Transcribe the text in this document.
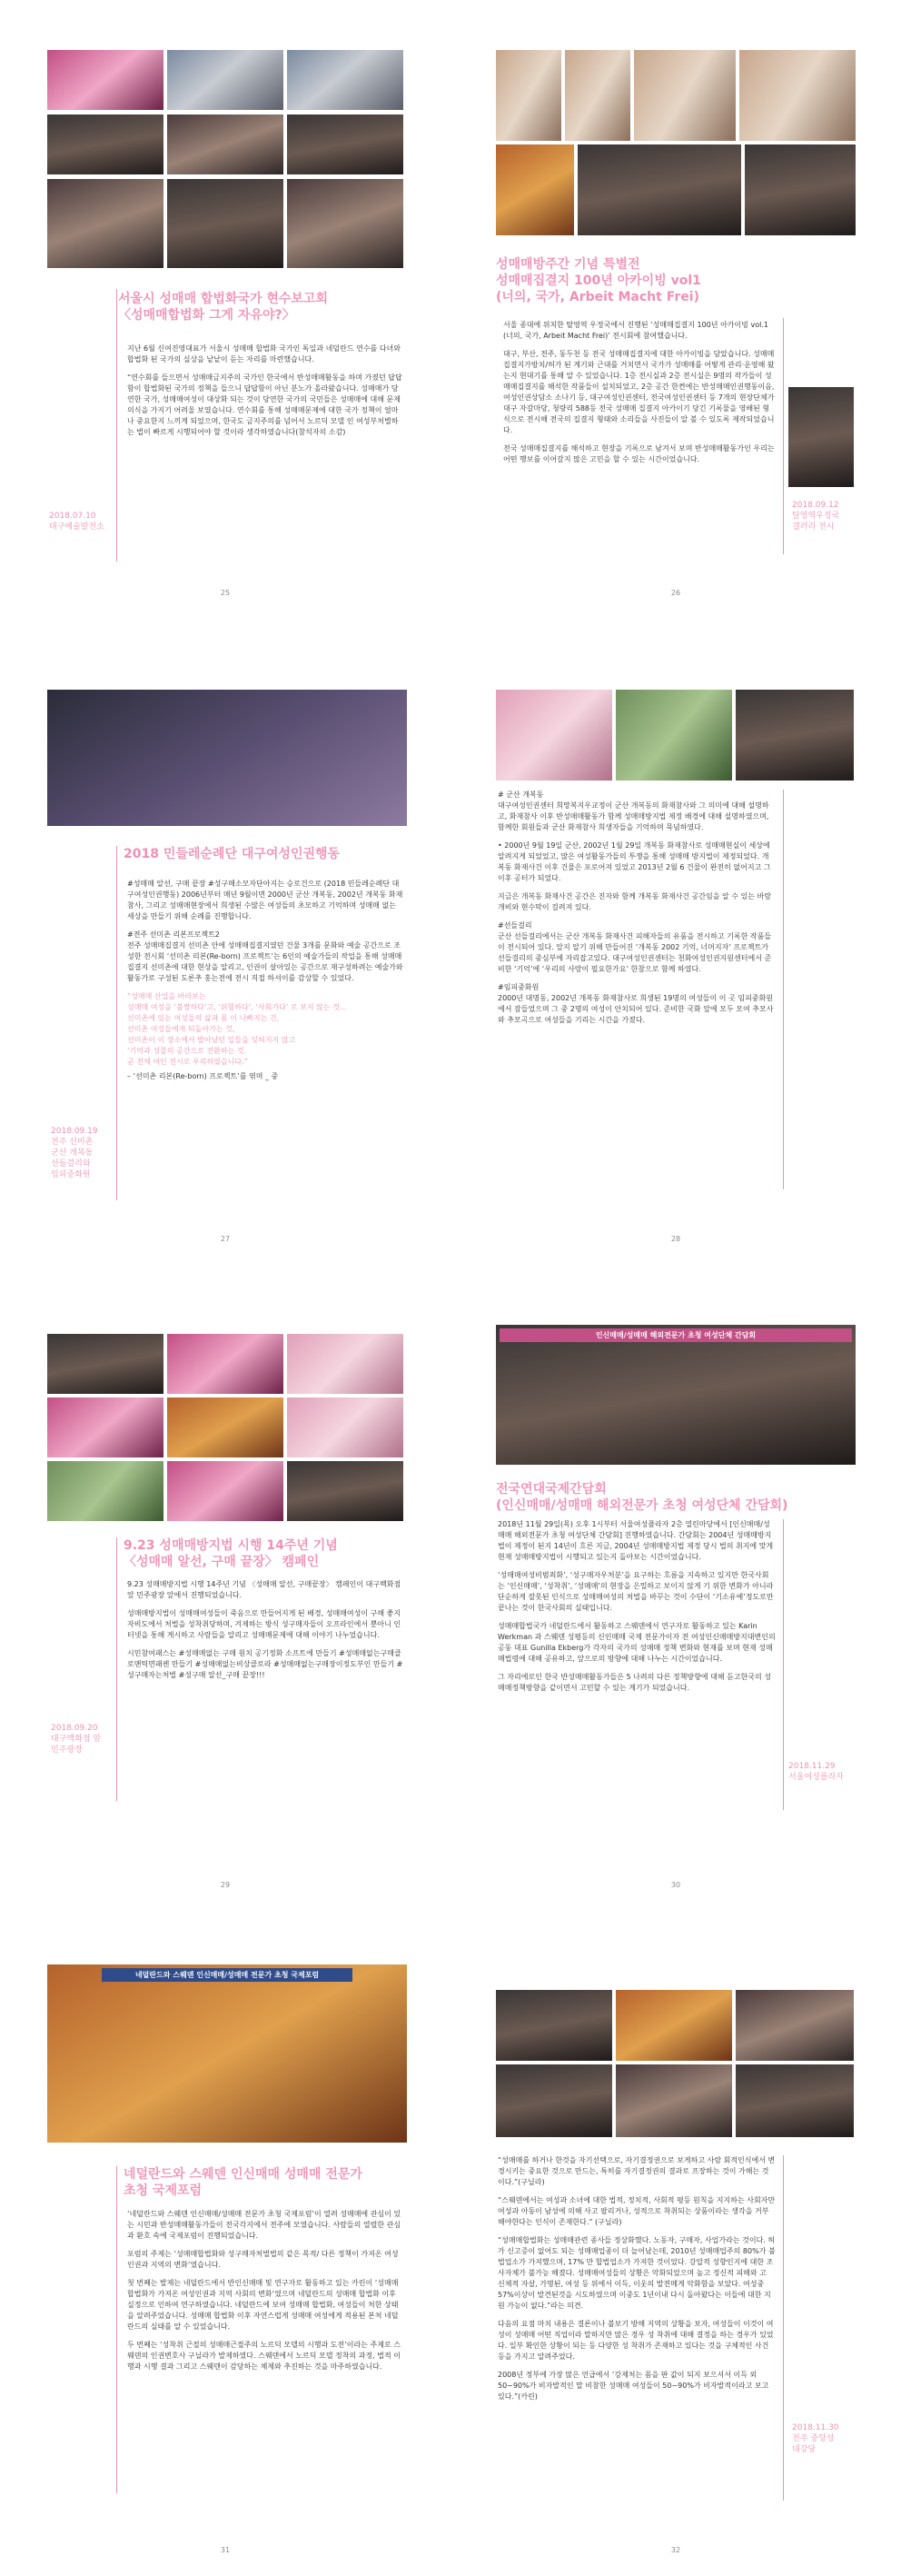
서울시 성매매 합법화국가 현수보고회
〈성매매합법화 그게 자유야?〉

지난 6월 신여진영대표가 서울시 성매매 합법화 국가인 독일과 네덜란드 연수를 다녀와 합법화 된 국가의 실상을 낱낱이 듣는 자리를 마련했습니다.

“연수회를 들으면서 성매매금지주의 국가인 한국에서 반성매매활동을 하며 가졌던 답답함이 합법화된 국가의 정책을 들으니 답답함이 아닌 분노가 올라왔습니다. 성매매가 당연한 국가, 성매매여성이 대상화 되는 것이 당연한 국가의 국민들은 성매매에 대해 문제의식을 가지기 어려울 보였습니다. 연수회를 통해 성매매문제에 대한 국가 정책이 얼마나 중요한지 느끼게 되었으며, 한국도 금지주의를 넘어서 노르딕 모델 인 여성부처별하는 법이 빠르게 시행되어야 할 것이라 생각하였습니다(참석자의 소감)

2018.07.10
대구예술발전소
25
성매매방주간 기념 특별전
성매매집결지 100년 아카이빙 vol1
(너의, 국가, Arbeit Macht Frei)

서울 종대에 위치한 탈영역 우정국에서 진행된 ‘성매매집결지 100년 아카이빙 vol.1 (너의, 국가, Arbeit Macht Frei)’ 전시회에 참여했습니다.

대구, 부산, 전주, 동두천 등 전국 성매매집결지에 대한 아카이빙을 담았습니다. 성매매집결지가방치/허가 된 계기와 근대를 거치면서 국가가 성매매를 어떻게 관리·운영해 왔는지 현대기를 통해 알 수 있었습니다. 1층 전시실과 2층 전시실은 9명의 작가들이 성매매집결지를 해석한 작품들이 설치되었고, 2층 공간 한켠에는 반성매매인권행동이음, 여성인권상담소 소나기 등, 대구여성인권센터, 전국여성인권센터 등 7개의 현장단체가 대구 자갈마당, 청량리 588등 전국 성매매 집결지 아카이기 당긴 기록물을 영배된 형식으로 전시해 전국의 집결지 형태와 소리들을 사진들이 알 볼 수 있도록 제작되었습니다.

전국 성매매집결지를 해석하고 현장을 기록으로 남겨서 보며 반성매매활동가인 우리는 어떤 행보를 이어갈지 많은 고민을 할 수 있는 시간이었습니다.

2018.09.12
탈영역우정국
갤러리 전시
26
2018 민들레순례단 대구여성인권행동

#성매매 알선, 구매 끝장 #성구매소모자단아지는 승로건으로 (2018 민들레순례단 대구여성인권행동) 2006년부터 매년 9월이면 2000년 군산 개복동, 2002년 개복동 화재참사, 그리고 성매매현장에서 희생된 수많은 여성들의 초모하고 기억하며 성매매 없는 세상을 만들기 위해 순례를 진행합니다.

#전주 선미촌 리본프로젝트2
전주 성매매집결지 선미촌 안에 성매매집결지였던 건물 3개를 문화와 예술 공간으로 조성한 전시회 ‘선미촌 리본(Re-born) 프로젝트’는 6인의 예술가들의 작업을 통해 성매매집결지 선미촌에 대한 현상을 알리고, 인권이 살아있는 공간으로 재구성하려는 예술가와 활동가로 구성된 도론추 홍는전에 전시 직접 하셔이를 감상할 수 있었다.

“성매매 산업을 바라보는
성매매 여성을 ‘불쌍하다’고, ‘위험하다’, ‘사회가다’ 로 보지 않는 것...
선미촌에 있는 여성들의 삶과 몸 이 나빠지는 건,
선미촌 여성들에게 되돌아가는 것,
선미촌이 이 장소에서 발아났던 일들을 잊혀지지 않고
‘기억과 성찰의 공간으로 전환하는 것.
곧 전체 여인 전시로 우리하였습니다.”
– ‘선미촌 리본(Re-born) 프로젝트’를 엮며 _ 중
2018.09.19
전주 선미촌
군산 개복동
선들걸리와
임피중화원
27

# 군산 개복동
대구여성인권센터 희망복지우교정이 군산 개복동의 화재참사와 그 의미에 대해 설명하고, 화재참사 이후 반성매매활동가 함께 성매매방지법 제정 배경에 대해 설명하였으며, 함께한 회원들과 군산 화재참사 희생자들을 기억하며 묵념하였다.

• 2000년 9월 19일 군산, 2002년 1월 29일 개복동 화재참사로 성매매현실이 세상에 알려지게 되었었고, 많은 여성활동가들의 투쟁을 통해 성매매 방지법이 제정되었다. 개복동 화재사건 이후 건물은 포로어져 있었고 2013년 2월 6 건물이 완전히 없어지고 그 이후 공터가 되었다.

지금은 개복동 화재사건 공간은 진자와 함께 개복동 화재사건 공간임을 알 수 있는 바람개비와 현수막이 걸려져 있다.

#선들걸리
군산 선들걸리에서는 군산 개복동 화재사건 피해자들의 유품을 전시하고 기록한 작품들이 전시되어 있다. 앞지 알기 위해 만들어진 ‘개복동 2002 기억, 너머지자’ 프로젝트가 선들걸리의 중심부에 자리잡고있다. 대구여성인권센터는 천화여성인권지원센터에서 준비한 ‘기억’에 ‘우리의 사랑이 필요한가요’ 한참으로 함께 하였다.

#임피중화원
2000년 대명동, 2002년 개복동 화재참사로 희생된 19명의 여성들이 이 곳 임피중화원에서 잠들었으며 그 중 2명의 여성이 안치되어 있다. 준비한 국화 앞에 모두 모여 추모사와 추모곡으로 여성들을 기리는 시간을 가졌다.

28
9.23 성매매방지법 시행 14주년 기념
〈성매매 알선, 구매 끝장〉 캠페인

9.23 성매매방지법 시행 14주년 기념 〈성매매 알선, 구매끝장〉 캠페인이 대구백화점 앞 민주광장 앞에서 진행되었습니다.

성매매방지법이 성매매여성들이 죽음으로 만들어지게 된 배경, 성매매여성이 구해 좋지자비도에서 처벌을 성착취당하며, 겨제하는 방식 성구매자들이 오프라인에서 뿐아니 인터넷을 통해 게시하고 사람들을 알리고 성매매문제에 대해 이야기 나누었습니다.

시민참여패스는 #성매매없는 구매 원치 공기정화 소프트에 만들기 #성매매없는구매클로맨틱면패켄 만들기 #성매매없는비상클로라 #성매매없는구매장이정도부인 만들기 #성구매자는처벌 #성구매 알선_구매 끝장!!!

2018.09.20
대구백화점 앞
민주광장
29
인신매매/성매매 해외전문가 초청 여성단체 간담회
전국연대국제간담회
(인신매매/성매매 해외전문가 초청 여성단체 간담회)

2018년 11월 29일(목) 오후 1시부터 서울여성플라자 2층 열린마당에서 [인신매매/성매매 해외전문가 초청 여성단체 간담회] 진행하였습니다. 간담회는 2004년 성매매방지법이 제정이 된지 14년이 흐른 지금, 2004년 성매매방지법 제정 당시 법의 취지에 맞게 현재 성매매방지법이 시행되고 있는지 돌아보는 시간이었습니다.

‘성매매여성비범죄화’, ‘성구매자우처분’을 요구하는 흐름을 지속하고 있지만 한국사회는 ‘인신매매’, ‘성착취’, ‘성매매’의 현장을 은밀하고 보이지 않게 기 위한 변화가 아니라 단순하게 잘못된 인식으로 성매매여성의 처벌을 바꾸는 것이 수단이 ‘기소유예’정도로만 끝나는 것이 한국사회의 실태입니다.

성매매합법국가 네덜란드에서 활동하고 스웨덴에서 연구자로 활동하고 있는 Karin Werkman 과 스웨덴 성평등의 신인매매 국제 전문가이자 전 여성인신매매방지대변인의 공동 대표 Gunilla Ekberg가 각자의 국가의 성매매 정책 변화와 현재를 보며 현재 성매매법령에 대해 공유하고, 앞으로의 방향에 대해 나누는 시간이었습니다.

그 자리에로인 한국 반성매매활동가들은 5 나려의 다른 정책방향에 대해 듣고한국의 성매매정책방향을 같이면서 고민할 수 있는 계기가 되었습니다.

2018.11.29
서울여성플라자
30
네덜란드와 스웨덴 인신매매/성매매 전문가 초청 국제포럼
네덜란드와 스웨덴 인신매매 성매매 전문가
초청 국제포럼

‘네덜란드와 스웨덴 인신매매/성매매 전문가 초청 국제포럼’이 열려 성매매에 관심이 있는 시민과 반성매매활동가들이 전국각지에서 전주에 모였습니다. 사람들의 열렬한 관심과 환호 속에 국제포럼이 진행되었습니다.

포럼의 주제는 ‘성매매합법화와 성구매자처벌법의 같은 목적/ 다른 정책이 가져온 여성인권과 지역의 변화’였습니다.

첫 번째는 발제는 네덜란드에서 반인신매매 및 연구자로 활동하고 있는 카린이 ‘성매매합법화가 가져온 여성인권과 지역 사회의 변화’였으며 네덜란드의 성매매 합법화 이후 실정으로 인하여 연구하였습니다. 네덜란드에 보여 성매매 합법화, 여성들이 처한 상태을 알려주었습니다. 성매매 합법화 이후 자연스럽게 성매매 여성에게 적용된 본처 네덜란드의 실태를 알 수 있었습니다.

두 번째는 ‘성착취 근절의 성매매근절주의 노르딕 모델의 시행과 도전’이라는 주제로 스웨덴의 인권변호사 구닐라가 발제하였다. 스웨덴에서 노르딕 모델 정착의 과정, 법적 이행과 시행 결과 그리고 스웨덴이 감당하는 체제와 추진하는 것을 마주하였습니다.

31

“성매매를 하거나 한것을 자기선택으로, 자기결정권으로 보게하고 사람 회적인식에서 변경시키는 중요한 것으로 만드는, 특히를 자기결정권의 결과로 프장하는 것이 가해는 것이다.”(구닐라)

“스웨덴에서는 여성과 소녀에 대한 법적, 정치적, 사회적 평등 원칙을 지지하는 사회자만 여성과 아동이 남성에 의해 사고 팔리거나, 성적으로 착취되는 상품이라는 생각을 거부해야한다는 인식이 존재한다.” (구닐라)

“성매매합법화는 성매매관련 종사들 정상화했다. 노동자, 구매자, 사업가라는 것이다. 허가 신고증이 없어도 되는 성매매업종이 더 늘어났는데, 2010년 성매매업주의 80%가 불법업소가 가져했으며, 17% 만 합법업소가 가져한 것이었다. 강압적 성향인지에 대한 조사자체가 불가능 해졌다. 성매매여성들의 상황은 악화되었으며 높고 정신적 피해와 고 신체적 자살, 가명된, 여성 등 위에서 이득, 이웃의 발전메게 악화함을 보았다. 여성중 57%이상이 발견된것을 시도하였으며 이중도 1년이내 다시 돌아왔다는 이들에 대한 지원 가능이 없다.”라는 의견.

다음의 요점 마치 내용은 결론이나 불보기 방해 지역의 상황을 보자, 여성들이 이것이 여성이 성매매 어떤 직업이라 말하지만 많은 경우 성 착취에 대해 결정을 하는 경우가 있었다. 일부 확인한 상황이 되는 등 다양한 성 착취가 존재하고 있다는 것을 구체적인 사건 등을 가지고 알려주었다.

2008년 정부에 가장 많은 언급에서 ‘강제처는 몸을 판 값이 되지 보으셔서 이득 외 50~90%가 비자발적인 말 비참한 성매매 여성들이 50~90%가 비자발적이라고 보고있다.”(카린)

2018.11.30
전주 중앙성
대강당
32
